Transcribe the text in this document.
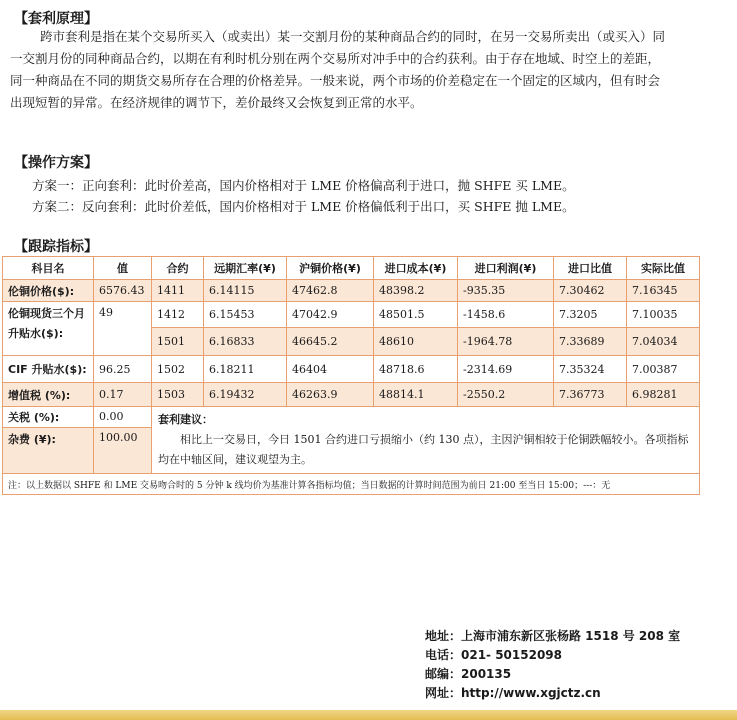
【套利原理】
跨市套利是指在某个交易所买入（或卖出）某一交割月份的某种商品合约的同时，在另一交易所卖出（或买入）同一交割月份的同种商品合约，以期在有利时机分别在两个交易所对冲手中的合约获利。由于存在地域、时空上的差距，同一种商品在不同的期货交易所存在合理的价格差异。一般来说，两个市场的价差稳定在一个固定的区域内，但有时会出现短暂的异常。在经济规律的调节下，差价最终又会恢复到正常的水平。
【操作方案】
方案一：正向套利：此时价差高，国内价格相对于 LME 价格偏高利于进口，抛 SHFE 买 LME。
方案二：反向套利：此时价差低，国内价格相对于 LME 价格偏低利于出口，买 SHFE 抛 LME。
【跟踪指标】
科目名	值	合约	远期汇率(¥)	沪铜价格(¥)	进口成本(¥)	进口利润(¥)	进口比值	实际比值
伦铜价格($):	6576.43	1411	6.14115	47462.8	48398.2	-935.35	7.30462	7.16345
伦铜现货三个月升贴水($):	49	1412	6.15453	47042.9	48501.5	-1458.6	7.3205	7.10035
		1501	6.16833	46645.2	48610	-1964.78	7.33689	7.04034
CIF 升贴水($):	96.25	1502	6.18211	46404	48718.6	-2314.69	7.35324	7.00387
增值税 (%):	0.17	1503	6.19432	46263.9	48814.1	-2550.2	7.36773	6.98281
关税 (%):	0.00	套利建议：
相比上一交易日，今日 1501 合约进口亏损缩小（约 130 点），主因沪铜相较于伦铜跌幅较小。各项指标均在中轴区间，建议观望为主。						

杂费 (¥):	100.00							
注：以上数据以 SHFE 和 LME 交易吻合时的 5 分钟 k 线均价为基准计算各指标均值；当日数据的计算时间范围为前日 21:00 至当日 15:00；---：无								
地址：上海市浦东新区张杨路 1518 号 208 室
电话：021- 50152098
邮编：200135
网址：http://www.xgjctz.cn
